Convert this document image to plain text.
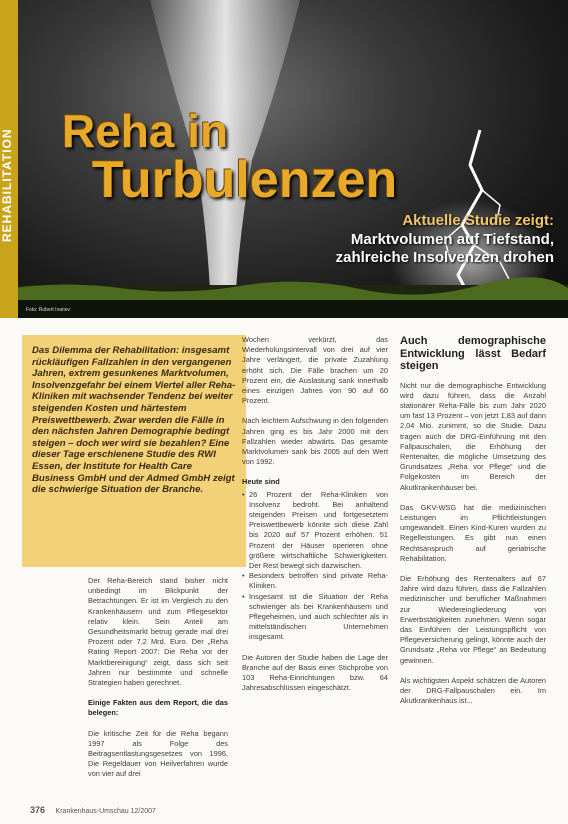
Foto: Robert Ivanov
REHABILITATION Reha in
Turbulenzen
Aktuelle Studie zeigt:
Marktvolumen auf Tiefstand,
zahlreiche Insolvenzen drohen

Das Dilemma der Rehabilitation: insgesamt rückläufigen Fallzahlen in den vergangenen Jahren, extrem gesunkenes Marktvolumen, Insolvenzgefahr bei einem Viertel aller Reha-Kliniken mit wachsender Tendenz bei weiter steigenden Kosten und härtestem Preiswettbewerb. Zwar werden die Fälle in den nächsten Jahren Demographie bedingt steigen – doch wer wird sie bezahlen? Eine dieser Tage erschienene Studie des RWI Essen, der Institute for Health Care Business GmbH und der Admed GmbH zeigt die schwierige Situation der Branche.

Der Reha-Bereich stand bisher nicht unbedingt im Blickpunkt der Betrachtungen. Er ist im Vergleich zu den Krankenhäusern und zum Pflegesektor relativ klein. Sein Anteil am Gesundheitsmarkt betrug gerade mal drei Prozent oder 7,2 Mrd. Euro. Der „Reha Rating Report 2007: Die Reha vor der Marktbereinigung“ zeigt, dass sich seit Jahren nur bestimmte und schnelle Strategien haben gerechnet.

Einige Fakten aus dem Report, die das belegen:

Die kritische Zeit für die Reha begann 1997 als Folge des Beitragsentlastungsgesetzes von 1996. Die Regeldauer von Heilverfahren wurde von vier auf drei

Wochen verkürzt, das Wiederholungsintervall von drei auf vier Jahre verlängert, die private Zuzahlung erhöht sich. Die Fälle brachen um 20 Prozent ein, die Auslastung sank innerhalb eines einzigen Jahres von 90 auf 60 Prozent.

Nach leichtem Aufschwung in den folgenden Jahren ging es bis Jahr 2000 mit den Fallzahlen wieder abwärts. Das gesamte Marktvolumen sank bis 2005 auf den Wert von 1992.

Heute sind

• 26 Prozent der Reha-Kliniken von Insolvenz bedroht. Bei anhaltend steigenden Preisen und fortgesetztem Preiswettbewerb könnte sich diese Zahl bis 2020 auf 57 Prozent erhöhen. 51 Prozent der Häuser operieren ohne größere wirtschaftliche Schwierigkeiten. Der Rest bewegt sich dazwischen.
• Besonders betroffen sind private Reha-Kliniken.
• Insgesamt ist die Situation der Reha schwieriger als bei Krankenhäusern und Pflegeheimen, und auch schlechter als in mittelständischen Unternehmen insgesamt.

Die Autoren der Studie haben die Lage der Branche auf der Basis einer Stichprobe von 103 Reha-Einrichtungen bzw. 64 Jahresabschlüssen eingeschätzt.

Auch demographische Entwicklung lässt Bedarf steigen

Nicht nur die demographische Entwicklung wird dazu führen, dass die Anzahl stationärer Reha-Fälle bis zum Jahr 2020 um fast 13 Prozent – von jetzt 1,83 auf dann 2,04 Mio. zunimmt, so die Studie. Dazu tragen auch die DRG-Einführung mit den Fallpauschalen, die Erhöhung der Rentenalter, die mögliche Umsetzung des Grundsatzes „Reha vor Pflege“ und die Folgekosten im Bereich der Akutkrankenhäuser bei.

Das GKV-WSG hat die medizinischen Leistungen im Pflichtleistungen umgewandelt. Einen Kind-Kuren wurden zu Regelleistungen. Es gibt nun einen Rechtsanspruch auf geriatrische Rehabilitation.

Die Erhöhung des Rentenalters auf 67 Jahre wird dazu führen, dass die Fallzahlen medizinischer und beruflicher Maßnahmen zur Wiedereingliederung von Erwerbstätigkeiten zunehmen. Wenn sogar das Einführen der Leistungspflicht von Pflegeversicherung gelingt, könnte auch der Grundsatz „Reha vor Pflege“ an Bedeutung gewinnen.

Als wichtigsten Aspekt schätzen die Autoren der DRG-Fallpauschalen ein. Im Akutkrankenhaus ist...

376 Krankenhaus-Umschau 12/2007
